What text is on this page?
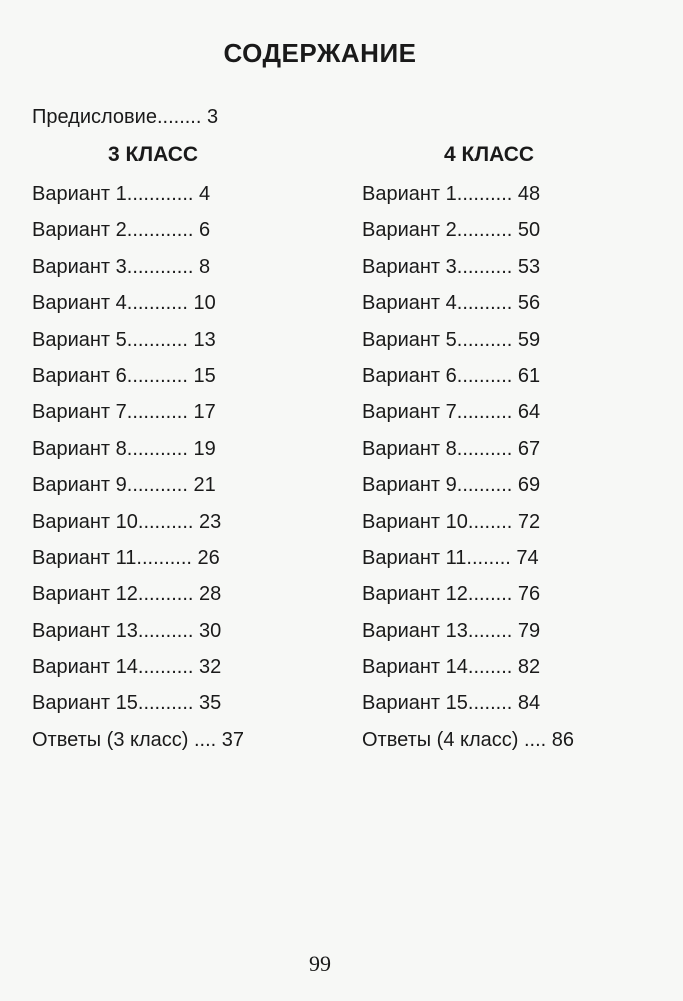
СОДЕРЖАНИЕ
Предисловие........ 3
3 КЛАСС	4 КЛАСС
Вариант 1............ 4
Вариант 2............ 6
Вариант 3............ 8
Вариант 4........... 10
Вариант 5........... 13
Вариант 6........... 15
Вариант 7........... 17
Вариант 8........... 19
Вариант 9........... 21
Вариант 10.......... 23
Вариант 11.......... 26
Вариант 12.......... 28
Вариант 13.......... 30
Вариант 14.......... 32
Вариант 15.......... 35
Ответы (3 класс) .... 37
Вариант 1.......... 48
Вариант 2.......... 50
Вариант 3.......... 53
Вариант 4.......... 56
Вариант 5.......... 59
Вариант 6.......... 61
Вариант 7.......... 64
Вариант 8.......... 67
Вариант 9.......... 69
Вариант 10........ 72
Вариант 11........ 74
Вариант 12........ 76
Вариант 13........ 79
Вариант 14........ 82
Вариант 15........ 84
Ответы (4 класс) .... 86
99
